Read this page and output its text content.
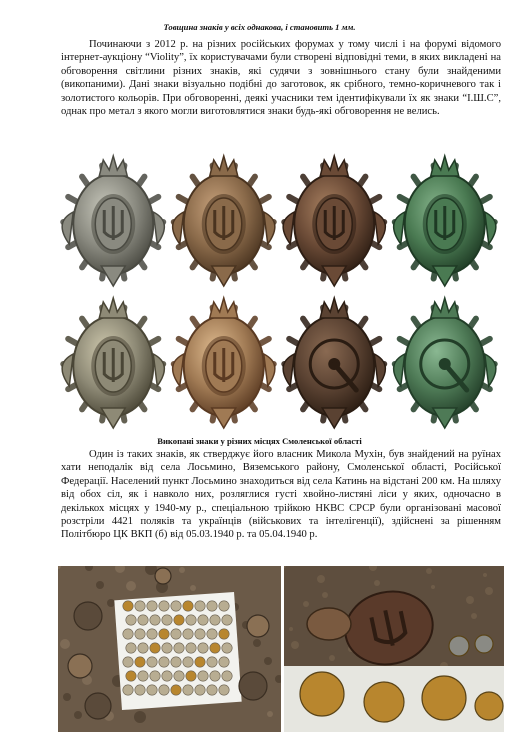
Товщина знаків у всіх однакова, і становить 1 мм.

Починаючи з 2012 р. на різних російських форумах у тому числі і на форумі відомого інтернет-аукціону “Violity”, їх користувачами були створені відповідні теми, в яких викладені на обговорення світлини різних знаків, які судячи з зовнішнього стану були знайденими (викопаними). Дані знаки візуально подібні до заготовок, як срібного, темно-коричневого так і золотистого кольорів. При обговоренні, деякі учасники тем ідентифікували їх як знаки “І.Ш.С”, однак про метал з якого могли виготовлятися знаки будь-які обговорення не велись.

Викопані знаки у різних місцях Смоленської області

Один із таких знаків, як стверджує його власник Микола Мухін, був знайдений на руїнах хати неподалік від села Лосьмино, Вяземського району, Смоленської області, Російської Федерації. Населений пункт Лосьмино знаходиться від села Катинь на відстані 200 км. На шляху від обох сіл, як і навколо них, розляглися густі хвойно-листяні ліси у яких, одночасно в декількох місцях у 1940-му р., спеціальною трійкою НКВС СРСР були організовані масової розстріли 4421 поляків та українців (військових та інтелігенції), здійснені за рішенням Політбюро ЦК ВКП (б) від 05.03.1940 р. та 05.04.1940 р.
